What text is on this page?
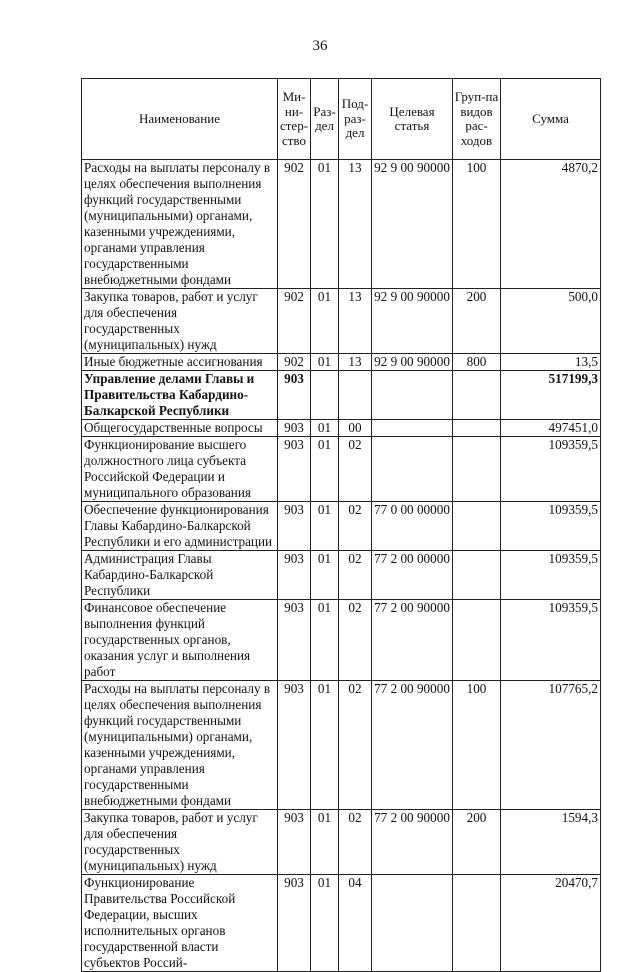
36
Наименование	Ми-ни-стер-ство	Раз-дел	Под-раз-дел	Целевая статья	Груп-па видов рас-ходов	Сумма
Расходы на выплаты персоналу в целях обеспечения выполнения функций государственными (муниципальными) органами, казенными учреждениями, органами управления государственными внебюджетными фондами	902	01	13	92 9 00 90000	100	4870,2
Закупка товаров, работ и услуг для обеспечения государственных (муниципальных) нужд	902	01	13	92 9 00 90000	200	500,0
Иные бюджетные ассигнования	902	01	13	92 9 00 90000	800	13,5
Управление делами Главы и Правительства Кабардино-Балкарской Республики	903					517199,3
Общегосударственные вопросы	903	01	00			497451,0
Функционирование высшего должностного лица субъекта Российской Федерации и муниципального образования	903	01	02			109359,5
Обеспечение функционирования Главы Кабардино-Балкарской Республики и его администрации	903	01	02	77 0 00 00000		109359,5
Администрация Главы Кабардино-Балкарской Республики	903	01	02	77 2 00 00000		109359,5
Финансовое обеспечение выполнения функций государственных органов, оказания услуг и выполнения работ	903	01	02	77 2 00 90000		109359,5
Расходы на выплаты персоналу в целях обеспечения выполнения функций государственными (муниципальными) органами, казенными учреждениями, органами управления государственными внебюджетными фондами	903	01	02	77 2 00 90000	100	107765,2
Закупка товаров, работ и услуг для обеспечения государственных (муниципальных) нужд	903	01	02	77 2 00 90000	200	1594,3
Функционирование Правительства Российской Федерации, высших исполнительных органов государственной власти субъектов Россий-	903	01	04			20470,7
